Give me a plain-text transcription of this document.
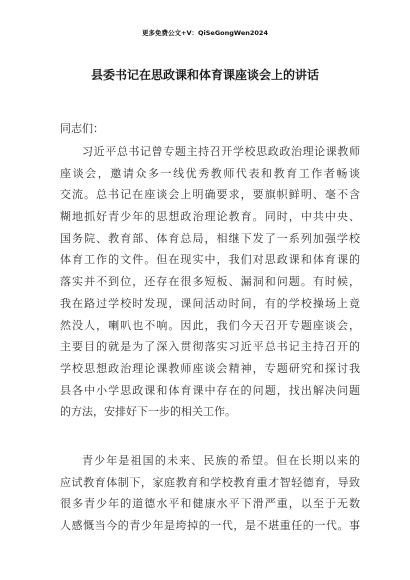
更多免费公文+V：QiSeGongWen2024
县委书记在思政课和体育课座谈会上的讲话
同志们：
习近平总书记曾专题主持召开学校思政政治理论课教师
座谈会，邀请众多一线优秀教师代表和教育工作者畅谈
交流。总书记在座谈会上明确要求，要旗帜鲜明、毫不含
糊地抓好青少年的思想政治理论教育。同时，中共中央、
国务院、教育部、体育总局，相继下发了一系列加强学校
体育工作的文件。但在现实中，我们对思政课和体育课的
落实并不到位，还存在很多短板、漏洞和问题。有时候，
我在路过学校时发现，课间活动时间，有的学校操场上竟
然没人，喇叭也不响。因此，我们今天召开专题座谈会，
主要目的就是为了深入贯彻落实习近平总书记主持召开的
学校思想政治理论课教师座谈会精神，专题研究和探讨我
县各中小学思政课和体育课中存在的问题，找出解决问题
的方法，安排好下一步的相关工作。
青少年是祖国的未来、民族的希望。但在长期以来的
应试教育体制下，家庭教育和学校教育重才智轻德育，导致
很多青少年的道德水平和健康水平下滑严重，以至于无数
人感慨当今的青少年是垮掉的一代，是不堪重任的一代。事
